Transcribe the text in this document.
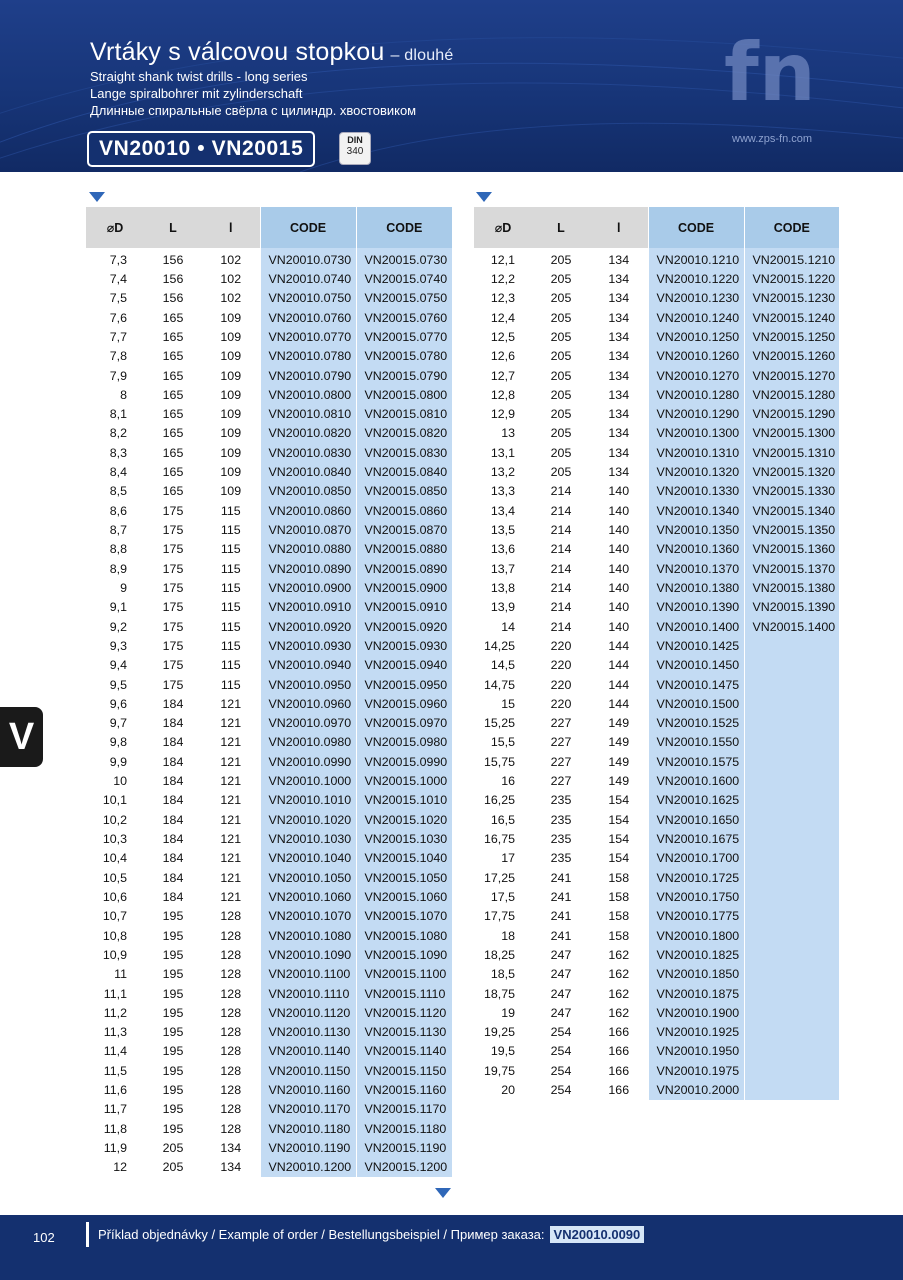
Vrtáky s válcovou stopkou – dlouhé
Straight shank twist drills - long series
Lange spiralbohrer mit zylinderschaft
Длинные спиральные свёрла с цилиндр. хвостовиком
VN20010 • VN20015	DIN
340
fn
www.zps-fn.com
V
⌀D	L	l	CODE	CODE
7,3	156	102	VN20010.0730	VN20015.0730
7,4	156	102	VN20010.0740	VN20015.0740
7,5	156	102	VN20010.0750	VN20015.0750
7,6	165	109	VN20010.0760	VN20015.0760
7,7	165	109	VN20010.0770	VN20015.0770
7,8	165	109	VN20010.0780	VN20015.0780
7,9	165	109	VN20010.0790	VN20015.0790
8	165	109	VN20010.0800	VN20015.0800
8,1	165	109	VN20010.0810	VN20015.0810
8,2	165	109	VN20010.0820	VN20015.0820
8,3	165	109	VN20010.0830	VN20015.0830
8,4	165	109	VN20010.0840	VN20015.0840
8,5	165	109	VN20010.0850	VN20015.0850
8,6	175	115	VN20010.0860	VN20015.0860
8,7	175	115	VN20010.0870	VN20015.0870
8,8	175	115	VN20010.0880	VN20015.0880
8,9	175	115	VN20010.0890	VN20015.0890
9	175	115	VN20010.0900	VN20015.0900
9,1	175	115	VN20010.0910	VN20015.0910
9,2	175	115	VN20010.0920	VN20015.0920
9,3	175	115	VN20010.0930	VN20015.0930
9,4	175	115	VN20010.0940	VN20015.0940
9,5	175	115	VN20010.0950	VN20015.0950
9,6	184	121	VN20010.0960	VN20015.0960
9,7	184	121	VN20010.0970	VN20015.0970
9,8	184	121	VN20010.0980	VN20015.0980
9,9	184	121	VN20010.0990	VN20015.0990
10	184	121	VN20010.1000	VN20015.1000
10,1	184	121	VN20010.1010	VN20015.1010
10,2	184	121	VN20010.1020	VN20015.1020
10,3	184	121	VN20010.1030	VN20015.1030
10,4	184	121	VN20010.1040	VN20015.1040
10,5	184	121	VN20010.1050	VN20015.1050
10,6	184	121	VN20010.1060	VN20015.1060
10,7	195	128	VN20010.1070	VN20015.1070
10,8	195	128	VN20010.1080	VN20015.1080
10,9	195	128	VN20010.1090	VN20015.1090
11	195	128	VN20010.1100	VN20015.1100
11,1	195	128	VN20010.1110	VN20015.1110
11,2	195	128	VN20010.1120	VN20015.1120
11,3	195	128	VN20010.1130	VN20015.1130
11,4	195	128	VN20010.1140	VN20015.1140
11,5	195	128	VN20010.1150	VN20015.1150
11,6	195	128	VN20010.1160	VN20015.1160
11,7	195	128	VN20010.1170	VN20015.1170
11,8	195	128	VN20010.1180	VN20015.1180
11,9	205	134	VN20010.1190	VN20015.1190
12	205	134	VN20010.1200	VN20015.1200
⌀D	L	l	CODE	CODE
12,1	205	134	VN20010.1210	VN20015.1210
12,2	205	134	VN20010.1220	VN20015.1220
12,3	205	134	VN20010.1230	VN20015.1230
12,4	205	134	VN20010.1240	VN20015.1240
12,5	205	134	VN20010.1250	VN20015.1250
12,6	205	134	VN20010.1260	VN20015.1260
12,7	205	134	VN20010.1270	VN20015.1270
12,8	205	134	VN20010.1280	VN20015.1280
12,9	205	134	VN20010.1290	VN20015.1290
13	205	134	VN20010.1300	VN20015.1300
13,1	205	134	VN20010.1310	VN20015.1310
13,2	205	134	VN20010.1320	VN20015.1320
13,3	214	140	VN20010.1330	VN20015.1330
13,4	214	140	VN20010.1340	VN20015.1340
13,5	214	140	VN20010.1350	VN20015.1350
13,6	214	140	VN20010.1360	VN20015.1360
13,7	214	140	VN20010.1370	VN20015.1370
13,8	214	140	VN20010.1380	VN20015.1380
13,9	214	140	VN20010.1390	VN20015.1390
14	214	140	VN20010.1400	VN20015.1400
14,25	220	144	VN20010.1425	
14,5	220	144	VN20010.1450	
14,75	220	144	VN20010.1475	
15	220	144	VN20010.1500	
15,25	227	149	VN20010.1525	
15,5	227	149	VN20010.1550	
15,75	227	149	VN20010.1575	
16	227	149	VN20010.1600	
16,25	235	154	VN20010.1625	
16,5	235	154	VN20010.1650	
16,75	235	154	VN20010.1675	
17	235	154	VN20010.1700	
17,25	241	158	VN20010.1725	
17,5	241	158	VN20010.1750	
17,75	241	158	VN20010.1775	
18	241	158	VN20010.1800	
18,25	247	162	VN20010.1825	
18,5	247	162	VN20010.1850	
18,75	247	162	VN20010.1875	
19	247	162	VN20010.1900	
19,25	254	166	VN20010.1925	
19,5	254	166	VN20010.1950	
19,75	254	166	VN20010.1975	
20	254	166	VN20010.2000	
102	Příklad objednávky / Example of order / Bestellungsbeispiel / Пример заказа: VN20010.0090
